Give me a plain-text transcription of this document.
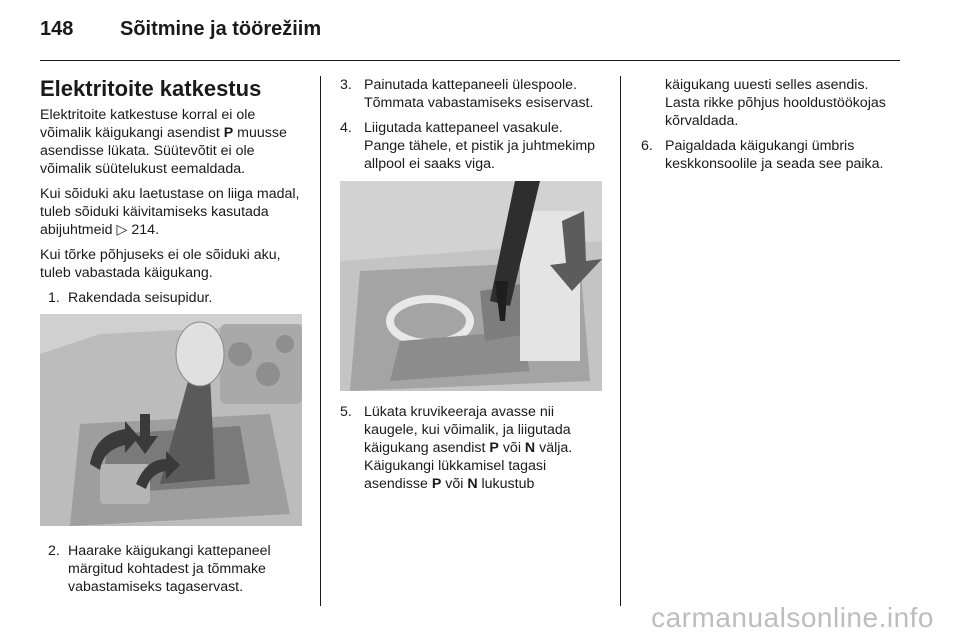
148	Sõitmine ja töörežiim
Elektritoite katkestus

Elektritoite katkestuse korral ei ole võimalik käigukangi asendist P muusse asendisse lükata. Süütevõtit ei ole võimalik süütelukust eemaldada.

Kui sõiduki aku laetustase on liiga madal, tuleb sõiduki käivitamiseks kasutada abijuhtmeid ▷ 214.

Kui tõrke põhjuseks ei ole sõiduki aku, tuleb vabastada käigukang.

1. Rakendada seisupidur.
2. Haarake käigukangi kattepaneel märgitud kohtadest ja tõmmake vabastamiseks tagaservast.
3. Painutada kattepaneeli ülespoole. Tõmmata vabastamiseks esiservast.
4. Liigutada kattepaneel vasakule. Pange tähele, et pistik ja juhtmekimp allpool ei saaks viga.
5. Lükata kruvikeeraja avasse nii kaugele, kui võimalik, ja liigutada käigukang asendist P või N välja. Käigukangi lükkamisel tagasi asendisse P või N lukustub

käigukang uuesti selles asendis. Lasta rikke põhjus hooldustöökojas kõrvaldada.

6. Paigaldada käigukangi ümbris keskkonsoolile ja seada see paika.
carmanualsonline.info
